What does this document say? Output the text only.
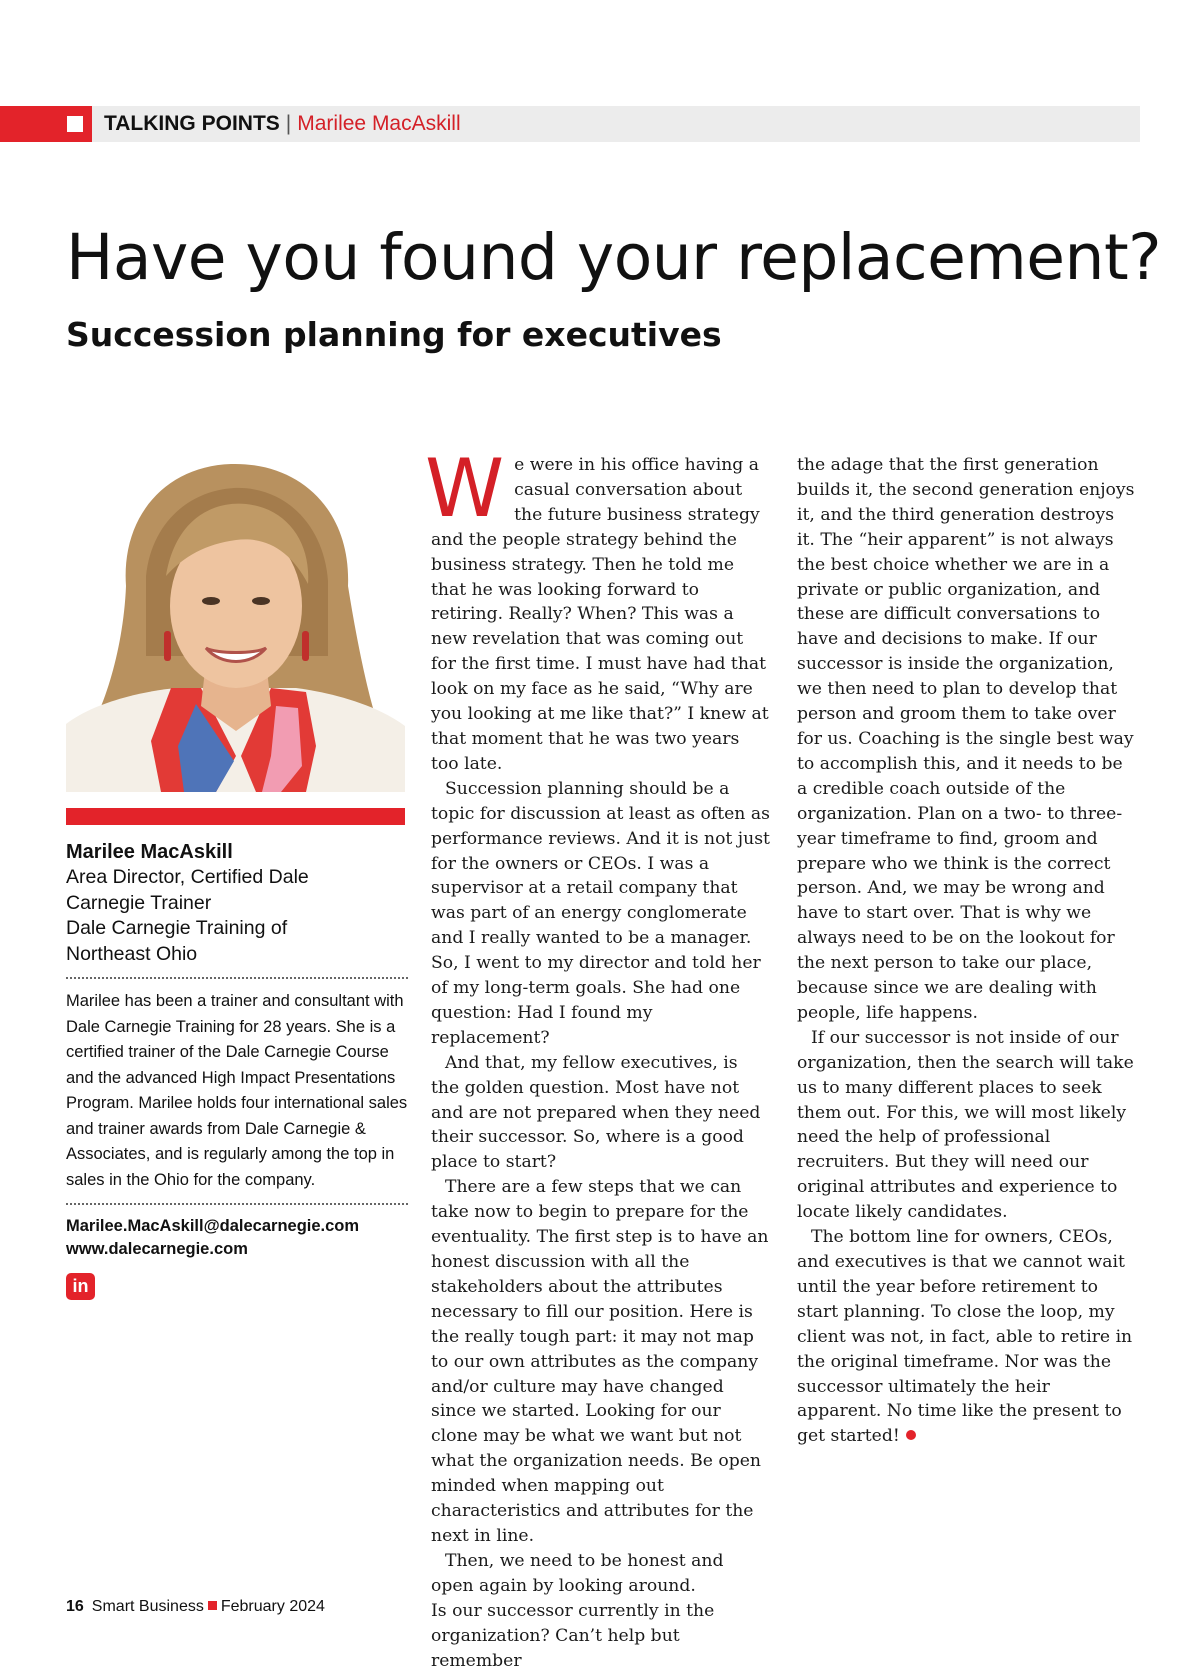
TALKING POINTS | Marilee MacAskill
Have you found your replacement?
Succession planning for executives
Marilee MacAskill
Area Director, Certified Dale
Carnegie Trainer
Dale Carnegie Training of
Northeast Ohio
Marilee has been a trainer and consultant with Dale Carnegie Training for 28 years. She is a certified trainer of the Dale Carnegie Course and the advanced High Impact Presentations Program. Marilee holds four international sales and trainer awards from Dale Carnegie & Associates, and is regularly among the top in sales in the Ohio for the company.
Marilee.MacAskill@dalecarnegie.com
www.dalecarnegie.com
in

We were in his office having a casual conversation about the future business strategy and the people strategy behind the business strategy. Then he told me that he was looking forward to retiring. Really? When? This was a new revelation that was coming out for the first time. I must have had that look on my face as he said, “Why are you looking at me like that?” I knew at that moment that he was two years too late.

Succession planning should be a topic for discussion at least as often as performance reviews. And it is not just for the owners or CEOs. I was a supervisor at a retail company that was part of an energy conglomerate and I really wanted to be a manager. So, I went to my director and told her of my long-term goals. She had one question: Had I found my replacement?

And that, my fellow executives, is the golden question. Most have not and are not prepared when they need their successor. So, where is a good place to start?

There are a few steps that we can take now to begin to prepare for the eventuality. The first step is to have an honest discussion with all the stakeholders about the attributes necessary to fill our position. Here is the really tough part: it may not map to our own attributes as the company and/or culture may have changed since we started. Looking for our clone may be what we want but not what the organization needs. Be open minded when mapping out characteristics and attributes for the next in line.

Then, we need to be honest and open again by looking around.

Is our successor currently in the organization? Can’t help but remember

the adage that the first generation builds it, the second generation enjoys it, and the third generation destroys it. The “heir apparent” is not always the best choice whether we are in a private or public organization, and these are difficult conversations to have and decisions to make. If our successor is inside the organization, we then need to plan to develop that person and groom them to take over for us. Coaching is the single best way to accomplish this, and it needs to be a credible coach outside of the organization. Plan on a two- to three-year timeframe to find, groom and prepare who we think is the correct person. And, we may be wrong and have to start over. That is why we always need to be on the lookout for the next person to take our place, because since we are dealing with people, life happens.

If our successor is not inside of our organization, then the search will take us to many different places to seek them out. For this, we will most likely need the help of professional recruiters. But they will need our original attributes and experience to locate likely candidates.

The bottom line for owners, CEOs, and executives is that we cannot wait until the year before retirement to start planning. To close the loop, my client was not, in fact, able to retire in the original timeframe. Nor was the successor ultimately the heir apparent. No time like the present to get started!

16 Smart Business February 2024
